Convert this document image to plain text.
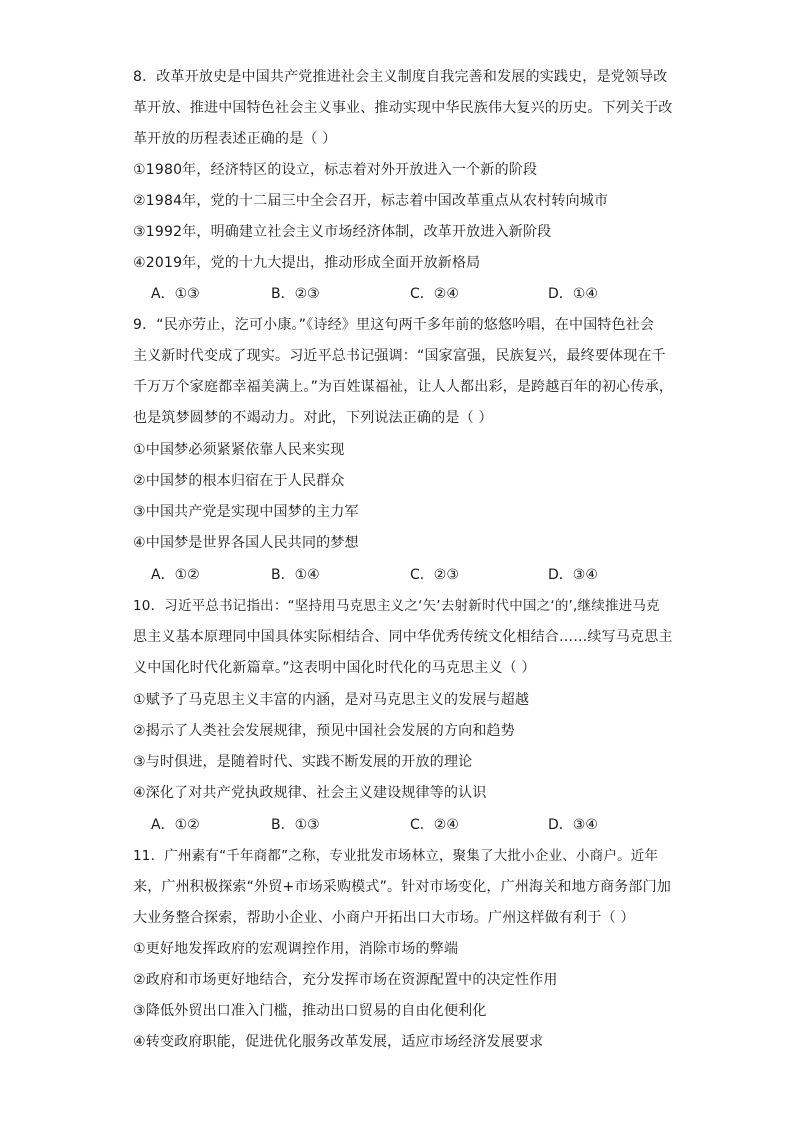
8．改革开放史是中国共产党推进社会主义制度自我完善和发展的实践史，是党领导改
革开放、推进中国特色社会主义事业、推动实现中华民族伟大复兴的历史。下列关于改
革开放的历程表述正确的是（ ）
①1980年，经济特区的设立，标志着对外开放进入一个新的阶段
②1984年，党的十二届三中全会召开，标志着中国改革重点从农村转向城市
③1992年，明确建立社会主义市场经济体制，改革开放进入新阶段
④2019年，党的十九大提出，推动形成全面开放新格局
A．①③	B．②③	C．②④	D．①④
9．“民亦劳止，汔可小康。”《诗经》里这句两千多年前的悠悠吟唱，在中国特色社会
主义新时代变成了现实。习近平总书记强调：“国家富强，民族复兴，最终要体现在千
千万万个家庭都幸福美满上。”为百姓谋福祉，让人人都出彩，是跨越百年的初心传承，
也是筑梦圆梦的不竭动力。对此，下列说法正确的是（ ）
①中国梦必须紧紧依靠人民来实现
②中国梦的根本归宿在于人民群众
③中国共产党是实现中国梦的主力军
④中国梦是世界各国人民共同的梦想
A．①②	B．①④	C．②③	D．③④
10．习近平总书记指出：“坚持用马克思主义之‘矢’去射新时代中国之‘的’,继续推进马克
思主义基本原理同中国具体实际相结合、同中华优秀传统文化相结合……续写马克思主
义中国化时代化新篇章。”这表明中国化时代化的马克思主义（ ）
①赋予了马克思主义丰富的内涵，是对马克思主义的发展与超越
②揭示了人类社会发展规律，预见中国社会发展的方向和趋势
③与时俱进，是随着时代、实践不断发展的开放的理论
④深化了对共产党执政规律、社会主义建设规律等的认识
A．①②	B．①③	C．②④	D．③④
11．广州素有“千年商都”之称，专业批发市场林立，聚集了大批小企业、小商户。近年
来，广州积极探索“外贸+市场采购模式”。针对市场变化，广州海关和地方商务部门加
大业务整合探索，帮助小企业、小商户开拓出口大市场。广州这样做有利于（ ）
①更好地发挥政府的宏观调控作用，消除市场的弊端
②政府和市场更好地结合，充分发挥市场在资源配置中的决定性作用
③降低外贸出口准入门槛，推动出口贸易的自由化便利化
④转变政府职能，促进优化服务改革发展，适应市场经济发展要求
